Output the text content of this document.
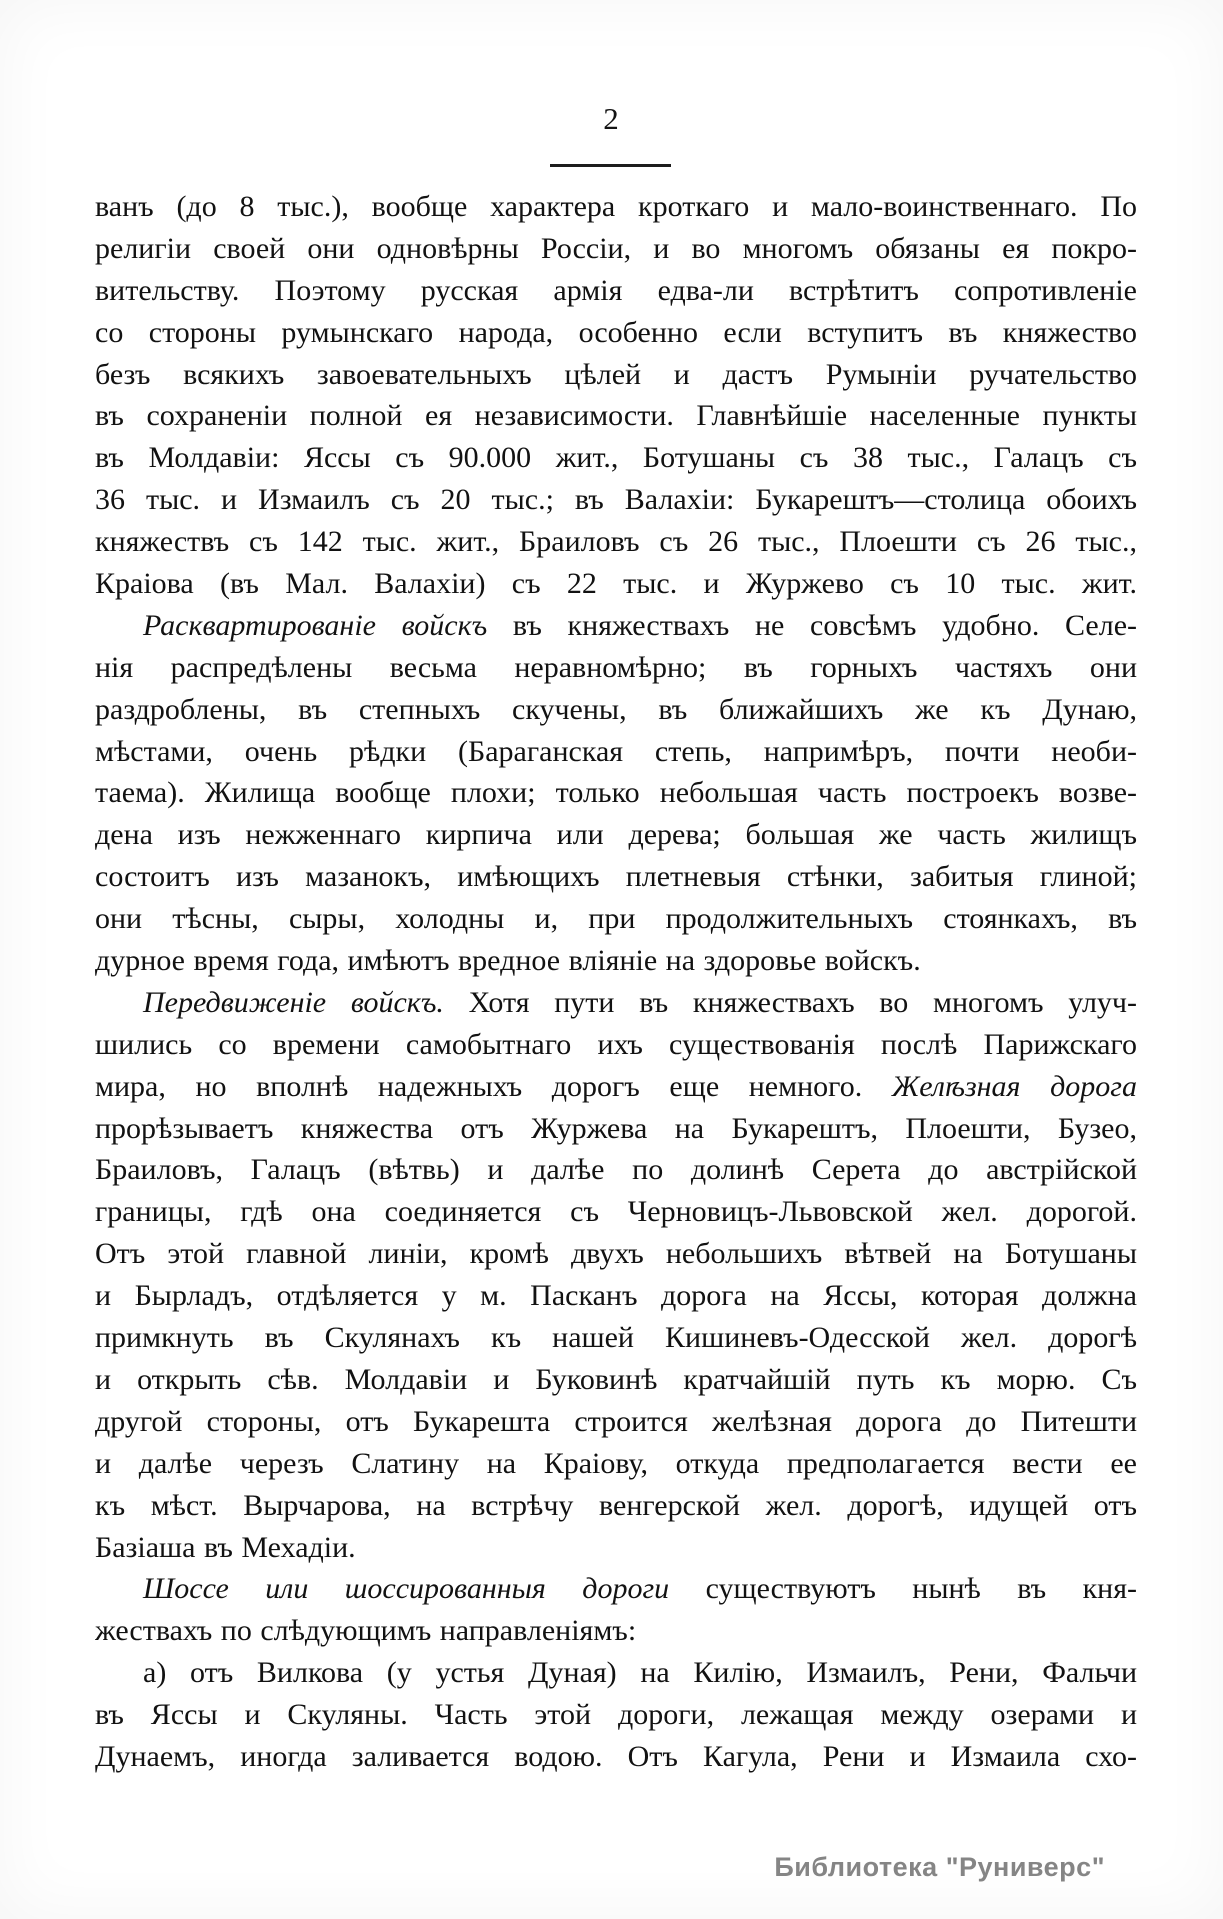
2
ванъ (до 8 тыс.), вообще характера кроткаго и мало-воинственнаго. По
религіи своей они одновѣрны Россіи, и во многомъ обязаны ея покро-
вительству. Поэтому русская армія едва-ли встрѣтитъ сопротивленіе
со стороны румынскаго народа, особенно если вступитъ въ княжество
безъ всякихъ завоевательныхъ цѣлей и дастъ Румыніи ручательство
въ сохраненіи полной ея независимости. Главнѣйшіе населенные пункты
въ Молдавіи: Яссы съ 90.000 жит., Ботушаны съ 38 тыс., Галацъ съ
36 тыс. и Измаилъ съ 20 тыс.; въ Валахіи: Букарештъ—столица обоихъ
княжествъ съ 142 тыс. жит., Браиловъ съ 26 тыс., Плоешти съ 26 тыс.,
Краіова (въ Мал. Валахіи) съ 22 тыс. и Журжево съ 10 тыс. жит.
Расквартированіе войскъ въ княжествахъ не совсѣмъ удобно. Селе-
нія распредѣлены весьма неравномѣрно; въ горныхъ частяхъ они
раздроблены, въ степныхъ скучены, въ ближайшихъ же къ Дунаю,
мѣстами, очень рѣдки (Бараганская степь, напримѣръ, почти необи-
таема). Жилища вообще плохи; только небольшая часть построекъ возве-
дена изъ нежженнаго кирпича или дерева; большая же часть жилищъ
состоитъ изъ мазанокъ, имѣющихъ плетневыя стѣнки, забитыя глиной;
они тѣсны, сыры, холодны и, при продолжительныхъ стоянкахъ, въ
дурное время года, имѣютъ вредное вліяніе на здоровье войскъ.
Передвиженіе войскъ. Хотя пути въ княжествахъ во многомъ улуч-
шились со времени самобытнаго ихъ существованія послѣ Парижскаго
мира, но вполнѣ надежныхъ дорогъ еще немного. Желѣзная дорога
прорѣзываетъ княжества отъ Журжева на Букарештъ, Плоешти, Бузео,
Браиловъ, Галацъ (вѣтвь) и далѣе по долинѣ Серета до австрійской
границы, гдѣ она соединяется съ Черновицъ-Львовской жел. дорогой.
Отъ этой главной линіи, кромѣ двухъ небольшихъ вѣтвей на Ботушаны
и Бырладъ, отдѣляется у м. Пасканъ дорога на Яссы, которая должна
примкнуть въ Скулянахъ къ нашей Кишиневъ-Одесской жел. дорогѣ
и открыть сѣв. Молдавіи и Буковинѣ кратчайшій путь къ морю. Съ
другой стороны, отъ Букарешта строится желѣзная дорога до Питешти
и далѣе черезъ Слатину на Краіову, откуда предполагается вести ее
къ мѣст. Вырчарова, на встрѣчу венгерской жел. дорогѣ, идущей отъ
Базіаша въ Мехадіи.
Шоссе или шоссированныя дороги существуютъ нынѣ въ кня-
жествахъ по слѣдующимъ направленіямъ:
а) отъ Вилкова (у устья Дуная) на Килію, Измаилъ, Рени, Фальчи
въ Яссы и Скуляны. Часть этой дороги, лежащая между озерами и
Дунаемъ, иногда заливается водою. Отъ Кагула, Рени и Измаила схо-
Библиотека "Руниверс"
